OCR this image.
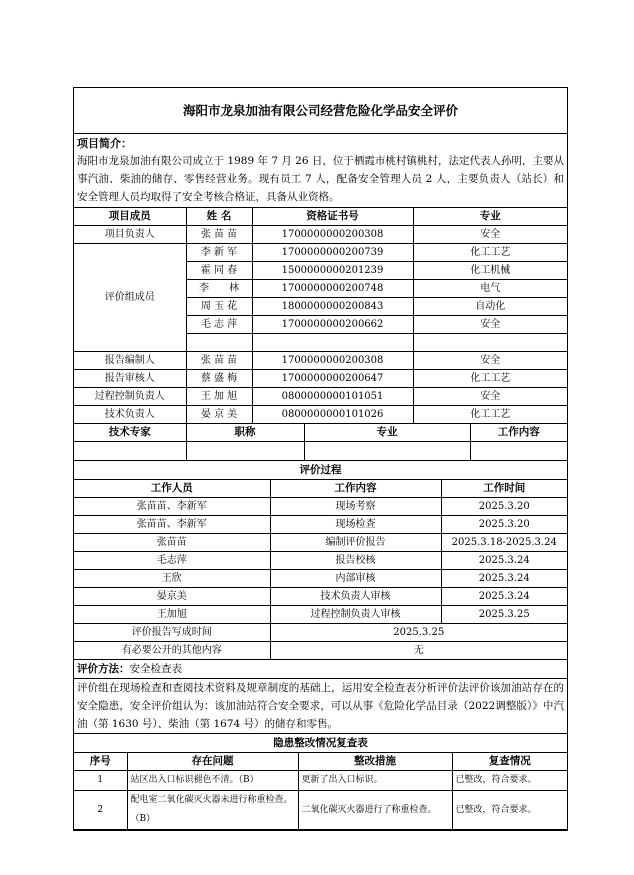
海阳市龙泉加油有限公司经营危险化学品安全评价
项目简介：
海阳市龙泉加油有限公司成立于 1989 年 7 月 26 日，位于栖霞市桃村镇桃村，法定代表人孙明，主要从事汽油、柴油的储存、零售经营业务。现有员工 7 人，配备安全管理人员 2 人，主要负责人（站长）和安全管理人员均取得了安全考核合格证，具备从业资格。
项目成员	姓 名	资格证书号	专业
项目负责人	张 苗 苗	1700000000200308	安全
评价组成员	李 新 军	1700000000200739	化工工艺
	霍 同 春	1500000000201239	化工机械
	李　　林	1700000000200748	电气
	周 玉 花	1800000000200843	自动化
	毛 志 萍	1700000000200662	安全

报告编制人	张 苗 苗	1700000000200308	安全
报告审核人	蔡 盛 梅	1700000000200647	化工工艺
过程控制负责人	王 加 旭	0800000000101051	安全
技术负责人	晏 京 美	0800000000101026	化工工艺
技术专家	职称	专业	工作内容

评价过程
工作人员	工作内容	工作时间
张苗苗、李新军	现场考察	2025.3.20
张苗苗、李新军	现场检查	2025.3.20
张苗苗	编制评价报告	2025.3.18-2025.3.24
毛志萍	报告校核	2025.3.24
王欣	内部审核	2025.3.24
晏京美	技术负责人审核	2025.3.24
王加旭	过程控制负责人审核	2025.3.25
评价报告写成时间	2025.3.25	
有必要公开的其他内容	无	
评价方法：安全检查表
评价组在现场检查和查阅技术资料及规章制度的基础上，运用安全检查表分析评价法评价该加油站存在的安全隐患，安全评价组认为：该加油站符合安全要求，可以从事《危险化学品目录（2022调整版）》中汽油（第 1630 号）、柴油（第 1674 号）的储存和零售。
隐患整改情况复查表
序号	存在问题	整改措施	复查情况
1	站区出入口标识褪色不清。（B）	更新了出入口标识。	已整改，符合要求。
2	配电室二氧化碳灭火器未进行称重检查。（B）	二氧化碳灭火器进行了称重检查。	已整改，符合要求。
